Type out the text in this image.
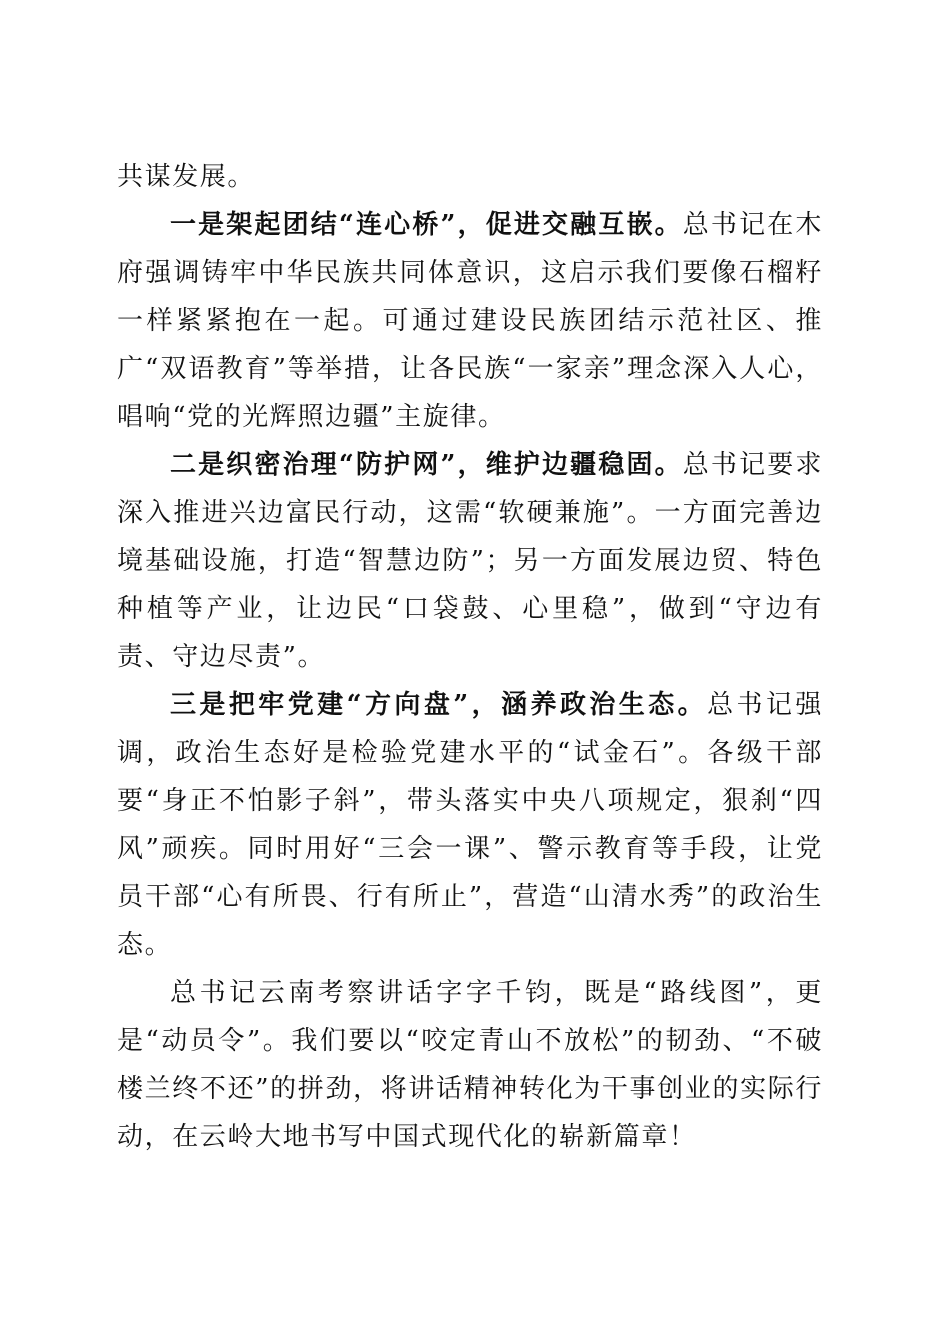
共谋发展。

一是架起团结“连心桥”，促进交融互嵌。总书记在木府强调铸牢中华民族共同体意识，这启示我们要像石榴籽一样紧紧抱在一起。可通过建设民族团结示范社区、推广“双语教育”等举措，让各民族“一家亲”理念深入人心，唱响“党的光辉照边疆”主旋律。

二是织密治理“防护网”，维护边疆稳固。总书记要求深入推进兴边富民行动，这需“软硬兼施”。一方面完善边境基础设施，打造“智慧边防”；另一方面发展边贸、特色种植等产业，让边民“口袋鼓、心里稳”，做到“守边有责、守边尽责”。

三是把牢党建“方向盘”，涵养政治生态。总书记强调，政治生态好是检验党建水平的“试金石”。各级干部要“身正不怕影子斜”，带头落实中央八项规定，狠刹“四风”顽疾。同时用好“三会一课”、警示教育等手段，让党员干部“心有所畏、行有所止”，营造“山清水秀”的政治生态。

总书记云南考察讲话字字千钧，既是“路线图”，更是“动员令”。我们要以“咬定青山不放松”的韧劲、“不破楼兰终不还”的拼劲，将讲话精神转化为干事创业的实际行动，在云岭大地书写中国式现代化的崭新篇章！
